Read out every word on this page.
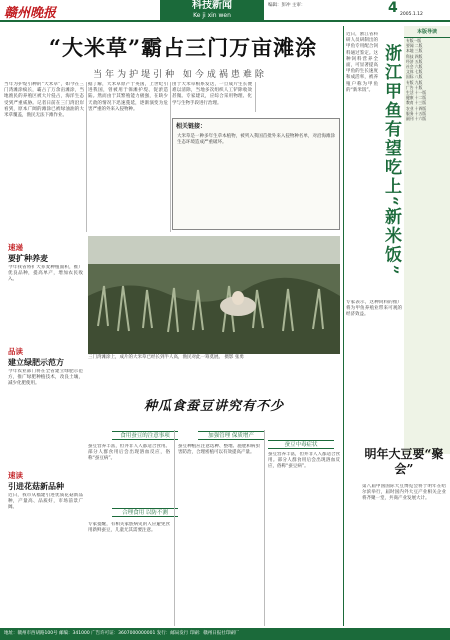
赣州晚报
科技新闻
Ke ji xin wen
编辑：彭冲 主审：	4 2005.1.12
“大米草”霸占三门万亩滩涂
当年为护堤引种 如今成祸患难除
当年为护堤引种的“大米草”，如今在三门湾滩涂疯长，霸占了万余亩滩涂，当地渔民的养殖区被大片侵占，海洋生态受到严重威胁。记者日前在三门湾沿岸看到，原本广阔的滩涂已被绿油油的大米草覆盖，渔民无法下滩作业。
据了解，大米草原产于英国，上世纪引进我国，曾被用于保滩护堤、促淤造陆。然而由于其繁殖能力极强，在缺少天敌的情况下迅速蔓延，逐渐演变为危害严重的外来入侵物种。
由于大米草根系发达，一旦成片生长便难以清除，当地多次组织人工铲除收效甚微。专家建议，应综合采用物理、化学与生物手段进行治理。
相关链接：
大米草是一种多年生草本植物，被列入我国首批外来入侵物种名单，对沿海滩涂生态环境造成严重破坏。
速递
要扩种养麦
今年我省将扩大荞麦种植面积，推广优良品种，提高单产，增加农民收入。
品读
建立绿肥示范方
今年农业部门将在全省建立绿肥示范方，推广绿肥种植技术，改良土壤，减少化肥使用。
速读
引进花菇新品种
近日，我市从福建引进优质花菇新品种，产量高、品质好，市场前景广阔。
三门湾滩涂上，成片的大米草已经长到半人高，渔民对此一筹莫展。 摄影 张勇
种瓜食蚕豆讲究有不少
食用蚕豆的注意事项	加强管理 保质增产
合理食用 以防不测
蚕豆中毒症状
蚕豆营养丰富，但并非人人都适合食用。部分人群食用后会出现溶血反应，俗称“蚕豆病”。
专家提醒，有相关家族病史的人应避免食用新鲜蚕豆，儿童尤其需要注意。
蚕豆种植应注意选种、整地、施肥和病虫害防治，合理密植可以有效提高产量。	蚕豆营养丰富，但并非人人都适合食用。部分人群食用后会出现溶血反应，俗称“蚕豆病”。
近日，浙江省科研人员研制出的甲鱼专用配合饲料通过鉴定。这种饲料营养全面，可显著提高甲鱼的生长速度和成活率，被养殖户称为甲鱼的“新米饭”。 浙江甲鱼有望吃上“新米饭”
专家表示，这种饲料的推广将为甲鱼养殖业带来可观的经济效益。
本版导读
专版一版
要闻 二版
本地 三版
科技 四版
经济 五版
社会 六版
文体 七版
国际 八版
专版 九版
广告 十版
生活 十一版
健康 十二版
教育 十三版
农业 十四版
服务 十五版
副刊 十六版
明年大豆要“聚会”
第八届中国国际大豆博览会将于明年在哈尔滨举行，届时国内外大豆产业相关企业将齐聚一堂，共商产业发展大计。
地址：赣州市西胡路100号 邮编：341000 广告许可证：3607000000001 发行：邮局发行 印刷：赣州日报社印刷厂
